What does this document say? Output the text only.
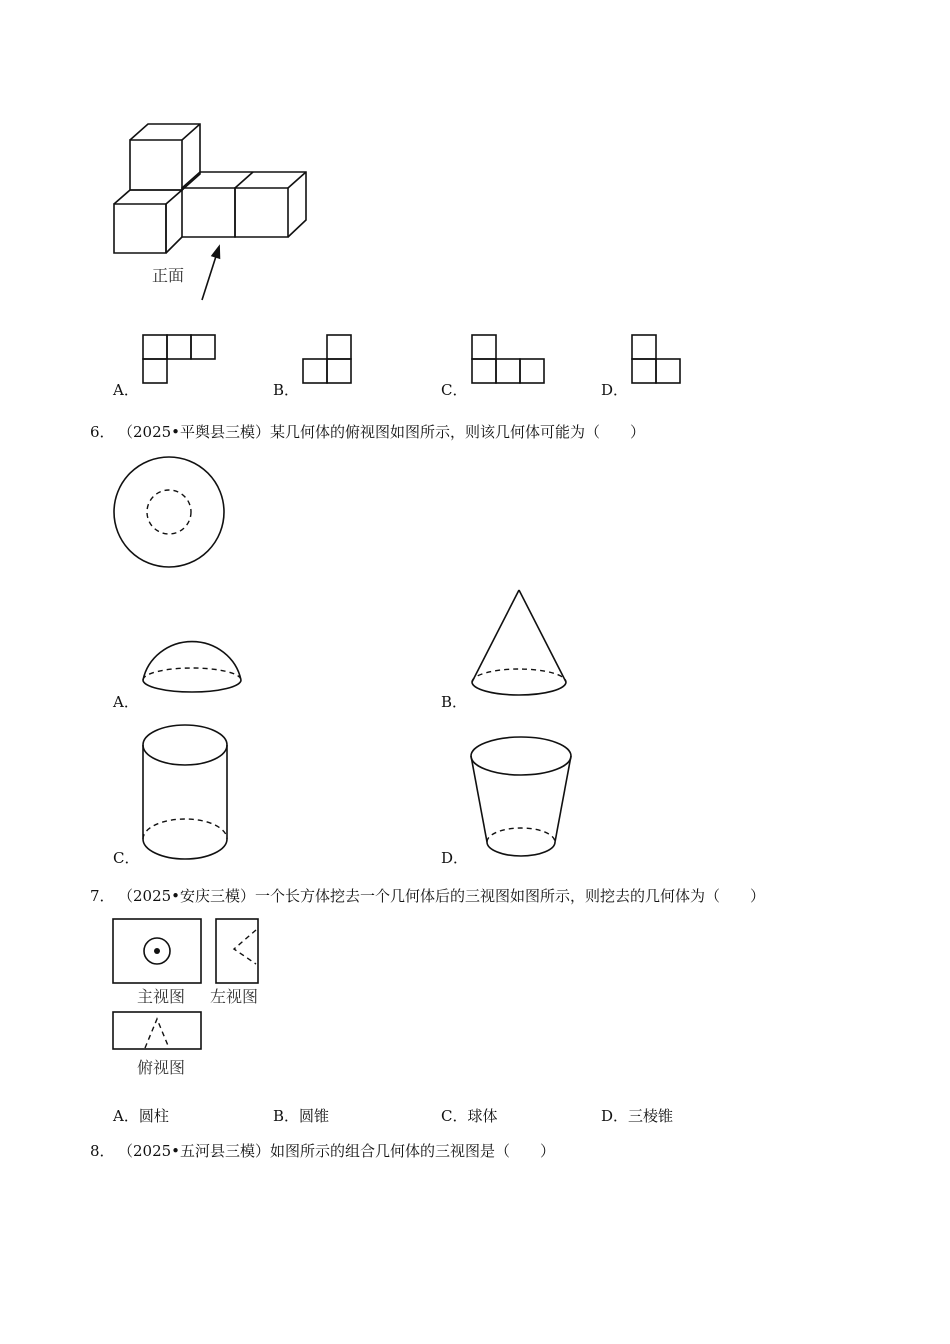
正面
A．	B．	C．	D．
6． （2025•平舆县三模）某几何体的俯视图如图所示，则该几何体可能为（　　）
A．	B．
C．	D．
7． （2025•安庆三模）一个长方体挖去一个几何体后的三视图如图所示，则挖去的几何体为（　　）
主视图 左视图
俯视图
A．圆柱	B．圆锥	C．球体	D．三棱锥
8． （2025•五河县三模）如图所示的组合几何体的三视图是（　　）
